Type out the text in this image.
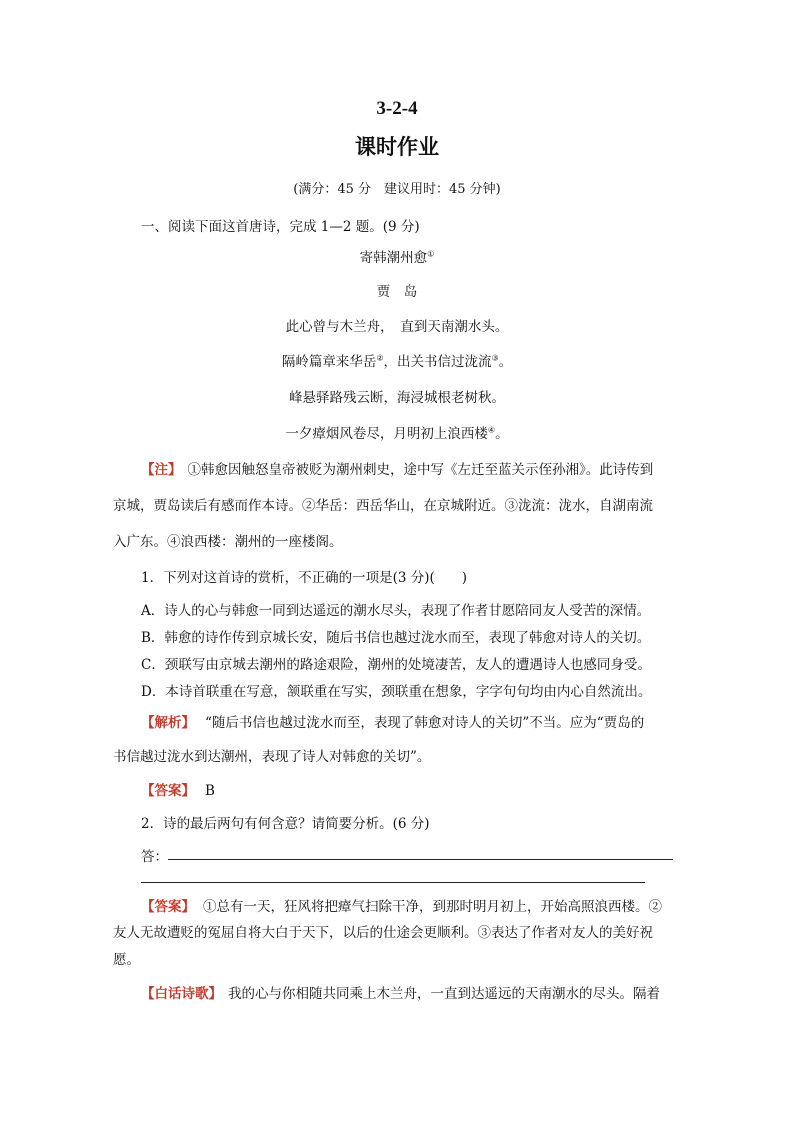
3-2-4
课时作业
(满分：45 分　建议用时：45 分钟)
一、阅读下面这首唐诗，完成 1—2 题。(9 分)
寄韩潮州愈①
贾　岛
此心曾与木兰舟，　直到天南潮水头。
隔岭篇章来华岳②，出关书信过泷流③。
峰悬驿路残云断，海浸城根老树秋。
一夕瘴烟风卷尽，月明初上浪西楼④。
【注】 ①韩愈因触怒皇帝被贬为潮州刺史，途中写《左迁至蓝关示侄孙湘》。此诗传到
京城，贾岛读后有感而作本诗。②华岳：西岳华山，在京城附近。③泷流：泷水，自湖南流
入广东。④浪西楼：潮州的一座楼阁。
1．下列对这首诗的赏析，不正确的一项是(3 分)(　　)
A．诗人的心与韩愈一同到达遥远的潮水尽头，表现了作者甘愿陪同友人受苦的深情。
B．韩愈的诗作传到京城长安，随后书信也越过泷水而至，表现了韩愈对诗人的关切。
C．颈联写由京城去潮州的路途艰险，潮州的处境凄苦，友人的遭遇诗人也感同身受。
D．本诗首联重在写意，颔联重在写实，颈联重在想象，字字句句均由内心自然流出。
【解析】 “随后书信也越过泷水而至，表现了韩愈对诗人的关切”不当。应为“贾岛的
书信越过泷水到达潮州，表现了诗人对韩愈的关切”。
【答案】 B
2．诗的最后两句有何含意？请简要分析。(6 分)
答：
【答案】 ①总有一天，狂风将把瘴气扫除干净，到那时明月初上，开始高照浪西楼。②
友人无故遭贬的冤屈自将大白于天下，以后的仕途会更顺利。③表达了作者对友人的美好祝
愿。
【白话诗歌】 我的心与你相随共同乘上木兰舟，一直到达遥远的天南潮水的尽头。隔着
